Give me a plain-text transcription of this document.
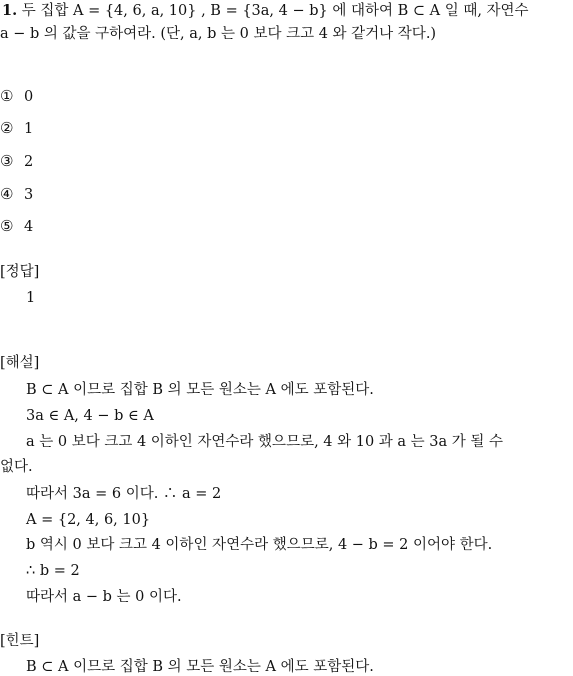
1. 두 집합 A = {4, 6, a, 10} , B = {3a, 4 − b} 에 대하여 B ⊂ A 일 때, 자연수
a − b 의 값을 구하여라. (단, a, b 는 0 보다 크고 4 와 같거나 작다.)
① 0
② 1
③ 2
④ 3
⑤ 4
[정답]
1
[해설]
B ⊂ A 이므로 집합 B 의 모든 원소는 A 에도 포함된다.
3a ∈ A, 4 − b ∈ A
a 는 0 보다 크고 4 이하인 자연수라 했으므로, 4 와 10 과 a 는 3a 가 될 수
없다.
따라서 3a = 6 이다. ∴ a = 2
A = {2, 4, 6, 10}
b 역시 0 보다 크고 4 이하인 자연수라 했으므로, 4 − b = 2 이어야 한다.
∴ b = 2
따라서 a − b 는 0 이다.
[힌트]
B ⊂ A 이므로 집합 B 의 모든 원소는 A 에도 포함된다.
